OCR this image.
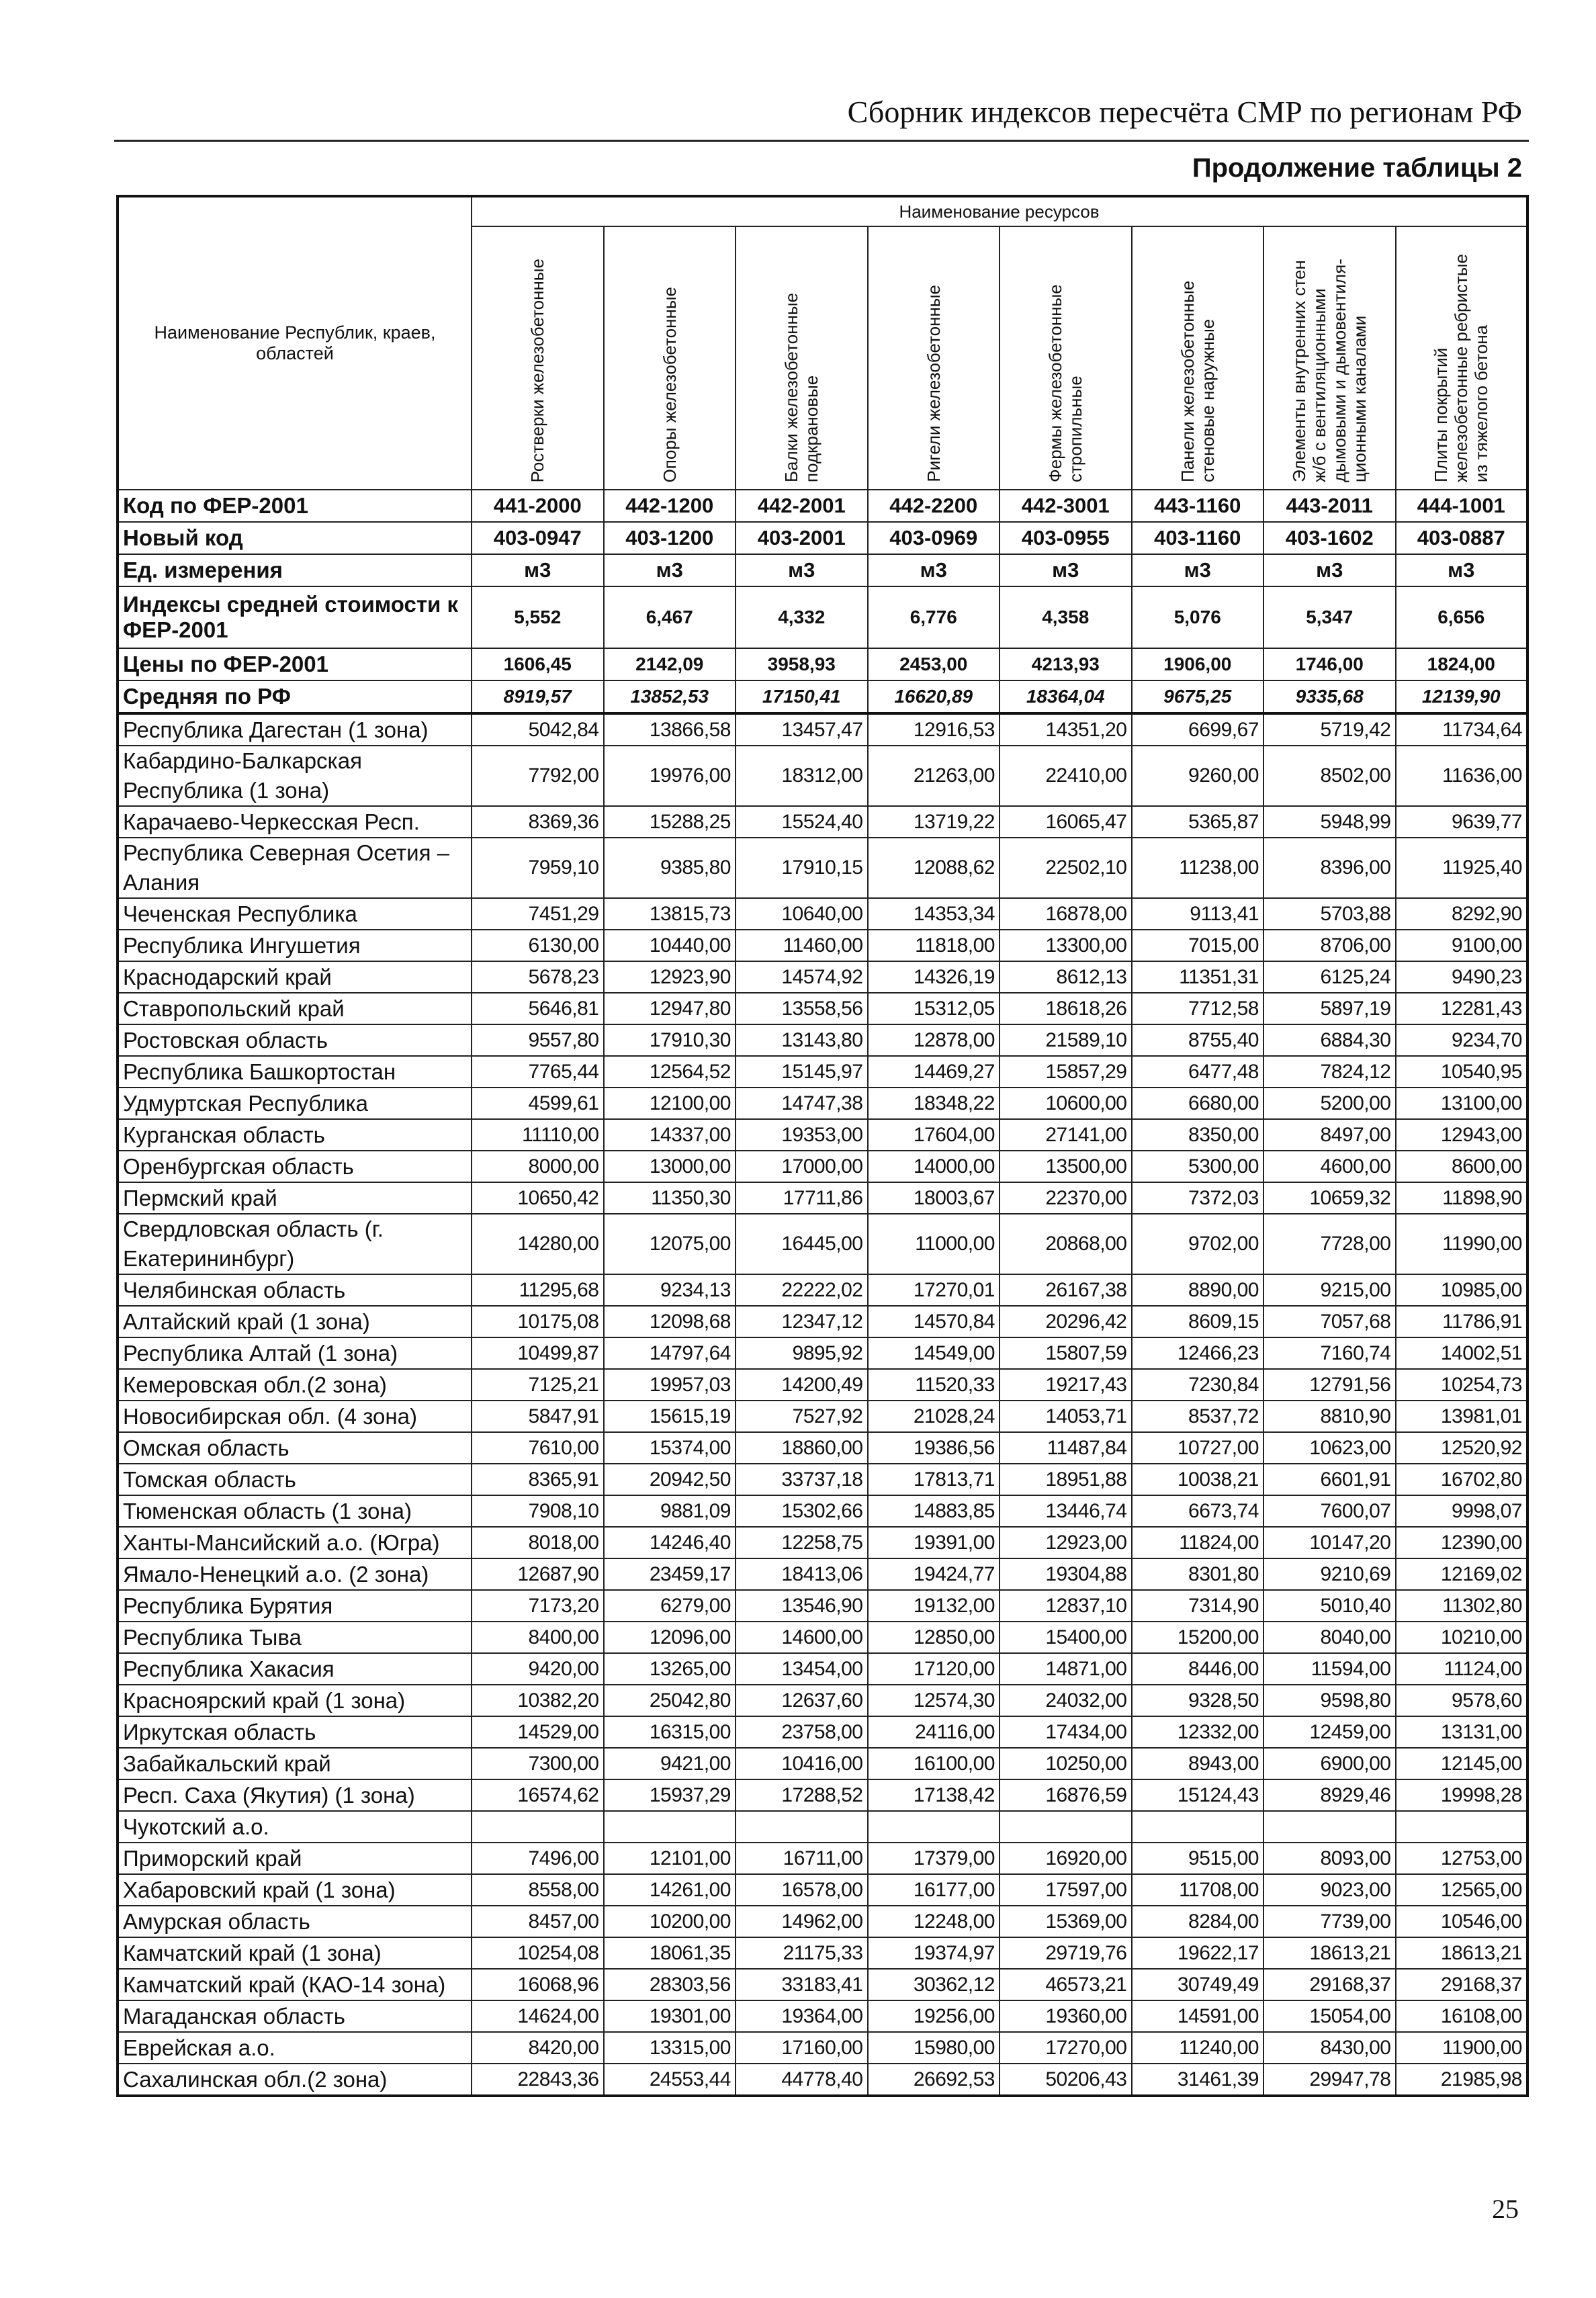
Сборник индексов пересчёта СМР по регионам РФ
Продолжение таблицы 2
Наименование Республик, краев, областей	Наименование ресурсов							

	Ростверки железобетонные	Опоры железобетонные	Балки железобетонные подкрановые	Ригели железобетонные	Фермы железобетонные стропильные	Панели железобетонные стеновые наружные	Элементы внутренних стен ж/б с вентиляционными дымовыми и дымовентиля-ционными каналами	Плиты покрытий железобетонные ребристые из тяжелого бетона

Код по ФЕР-2001	441-2000	442-1200	442-2001	442-2200	442-3001	443-1160	443-2011	444-1001
Новый код	403-0947	403-1200	403-2001	403-0969	403-0955	403-1160	403-1602	403-0887
Ед. измерения	м3	м3	м3	м3	м3	м3	м3	м3
Индексы средней стоимости к ФЕР-2001	5,552	6,467	4,332	6,776	4,358	5,076	5,347	6,656
Цены по ФЕР-2001	1606,45	2142,09	3958,93	2453,00	4213,93	1906,00	1746,00	1824,00
Средняя по РФ	8919,57	13852,53	17150,41	16620,89	18364,04	9675,25	9335,68	12139,90
Республика Дагестан (1 зона)	5042,84	13866,58	13457,47	12916,53	14351,20	6699,67	5719,42	11734,64
Кабардино-Балкарская Республика (1 зона)	7792,00	19976,00	18312,00	21263,00	22410,00	9260,00	8502,00	11636,00
Карачаево-Черкесская Респ.	8369,36	15288,25	15524,40	13719,22	16065,47	5365,87	5948,99	9639,77
Республика Северная Осетия – Алания	7959,10	9385,80	17910,15	12088,62	22502,10	11238,00	8396,00	11925,40
Чеченская Республика	7451,29	13815,73	10640,00	14353,34	16878,00	9113,41	5703,88	8292,90
Республика Ингушетия	6130,00	10440,00	11460,00	11818,00	13300,00	7015,00	8706,00	9100,00
Краснодарский край	5678,23	12923,90	14574,92	14326,19	8612,13	11351,31	6125,24	9490,23
Ставропольский край	5646,81	12947,80	13558,56	15312,05	18618,26	7712,58	5897,19	12281,43
Ростовская область	9557,80	17910,30	13143,80	12878,00	21589,10	8755,40	6884,30	9234,70
Республика Башкортостан	7765,44	12564,52	15145,97	14469,27	15857,29	6477,48	7824,12	10540,95
Удмуртская Республика	4599,61	12100,00	14747,38	18348,22	10600,00	6680,00	5200,00	13100,00
Курганская область	11110,00	14337,00	19353,00	17604,00	27141,00	8350,00	8497,00	12943,00
Оренбургская область	8000,00	13000,00	17000,00	14000,00	13500,00	5300,00	4600,00	8600,00
Пермский край	10650,42	11350,30	17711,86	18003,67	22370,00	7372,03	10659,32	11898,90
Свердловская область (г. Екатерининбург)	14280,00	12075,00	16445,00	11000,00	20868,00	9702,00	7728,00	11990,00
Челябинская область	11295,68	9234,13	22222,02	17270,01	26167,38	8890,00	9215,00	10985,00
Алтайский край (1 зона)	10175,08	12098,68	12347,12	14570,84	20296,42	8609,15	7057,68	11786,91
Республика Алтай (1 зона)	10499,87	14797,64	9895,92	14549,00	15807,59	12466,23	7160,74	14002,51
Кемеровская обл.(2 зона)	7125,21	19957,03	14200,49	11520,33	19217,43	7230,84	12791,56	10254,73
Новосибирская обл. (4 зона)	5847,91	15615,19	7527,92	21028,24	14053,71	8537,72	8810,90	13981,01
Омская область	7610,00	15374,00	18860,00	19386,56	11487,84	10727,00	10623,00	12520,92
Томская область	8365,91	20942,50	33737,18	17813,71	18951,88	10038,21	6601,91	16702,80
Тюменская область (1 зона)	7908,10	9881,09	15302,66	14883,85	13446,74	6673,74	7600,07	9998,07
Ханты-Мансийский а.о. (Югра)	8018,00	14246,40	12258,75	19391,00	12923,00	11824,00	10147,20	12390,00
Ямало-Ненецкий а.о. (2 зона)	12687,90	23459,17	18413,06	19424,77	19304,88	8301,80	9210,69	12169,02
Республика Бурятия	7173,20	6279,00	13546,90	19132,00	12837,10	7314,90	5010,40	11302,80
Республика Тыва	8400,00	12096,00	14600,00	12850,00	15400,00	15200,00	8040,00	10210,00
Республика Хакасия	9420,00	13265,00	13454,00	17120,00	14871,00	8446,00	11594,00	11124,00
Красноярский край (1 зона)	10382,20	25042,80	12637,60	12574,30	24032,00	9328,50	9598,80	9578,60
Иркутская область	14529,00	16315,00	23758,00	24116,00	17434,00	12332,00	12459,00	13131,00
Забайкальский край	7300,00	9421,00	10416,00	16100,00	10250,00	8943,00	6900,00	12145,00
Респ. Саха (Якутия) (1 зона)	16574,62	15937,29	17288,52	17138,42	16876,59	15124,43	8929,46	19998,28
Чукотский а.о.								
Приморский край	7496,00	12101,00	16711,00	17379,00	16920,00	9515,00	8093,00	12753,00
Хабаровский край (1 зона)	8558,00	14261,00	16578,00	16177,00	17597,00	11708,00	9023,00	12565,00
Амурская область	8457,00	10200,00	14962,00	12248,00	15369,00	8284,00	7739,00	10546,00
Камчатский край (1 зона)	10254,08	18061,35	21175,33	19374,97	29719,76	19622,17	18613,21	18613,21
Камчатский край (КАО-14 зона)	16068,96	28303,56	33183,41	30362,12	46573,21	30749,49	29168,37	29168,37
Магаданская область	14624,00	19301,00	19364,00	19256,00	19360,00	14591,00	15054,00	16108,00
Еврейская а.о.	8420,00	13315,00	17160,00	15980,00	17270,00	11240,00	8430,00	11900,00
Сахалинская обл.(2 зона)	22843,36	24553,44	44778,40	26692,53	50206,43	31461,39	29947,78	21985,98
25
